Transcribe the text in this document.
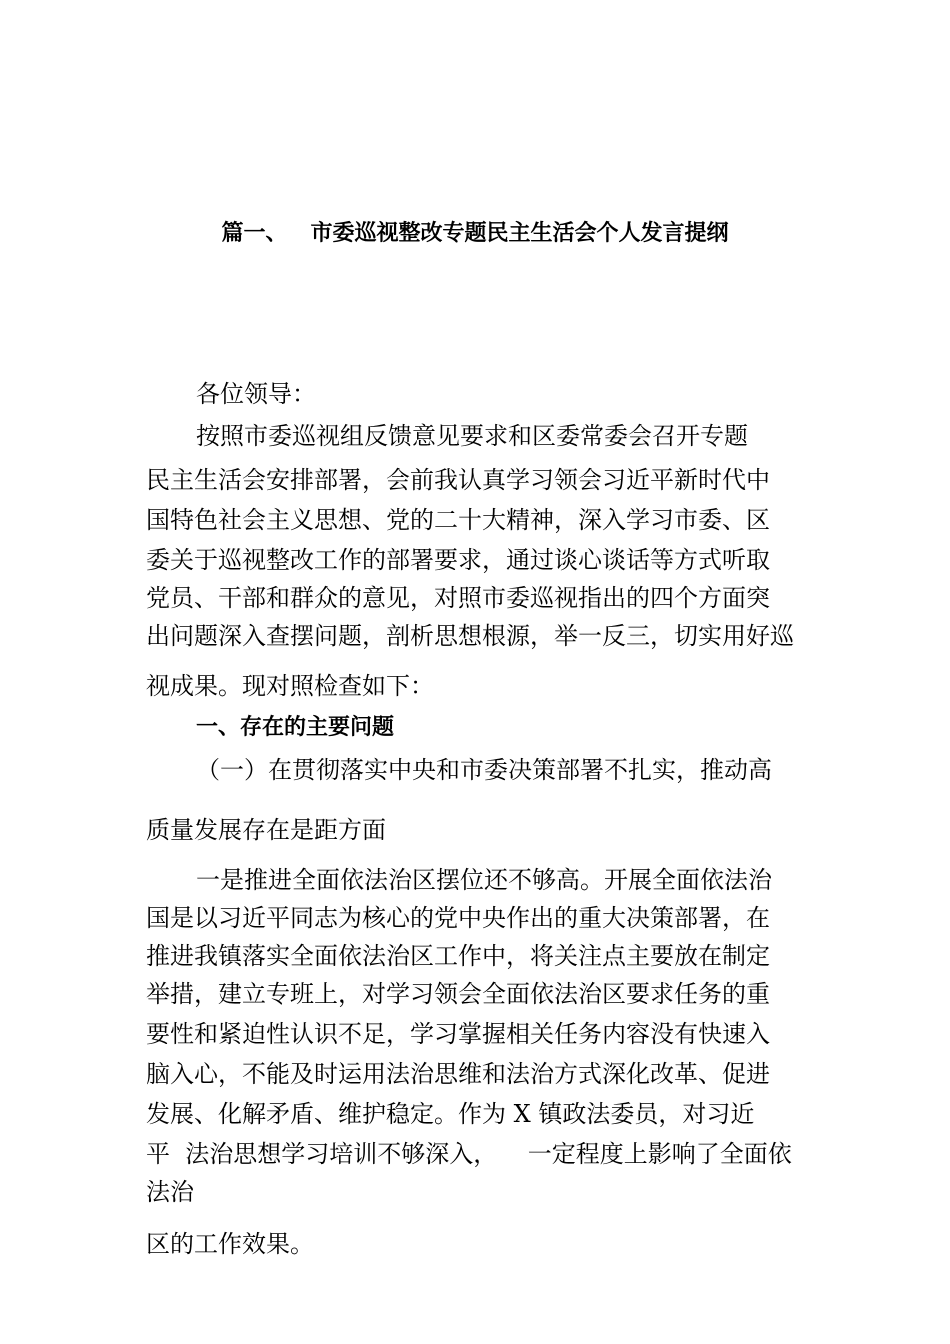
篇一、   市委巡视整改专题民主生活会个人发言提纲
各位领导：
按照市委巡视组反馈意见要求和区委常委会召开专题
民主生活会安排部署，会前我认真学习领会习近平新时代中
国特色社会主义思想、党的二十大精神，深入学习市委、区
委关于巡视整改工作的部署要求，通过谈心谈话等方式听取
党员、干部和群众的意见，对照市委巡视指出的四个方面突
出问题深入查摆问题，剖析思想根源，举一反三，切实用好巡
视成果。现对照检查如下：
一、存在的主要问题
（一）在贯彻落实中央和市委决策部署不扎实，推动高
质量发展存在是距方面
一是推进全面依法治区摆位还不够高。开展全面依法治
国是以习近平同志为核心的党中央作出的重大决策部署，在
推进我镇落实全面依法治区工作中，将关注点主要放在制定
举措，建立专班上，对学习领会全面依法治区要求任务的重
要性和紧迫性认识不足，学习掌握相关任务内容没有快速入
脑入心，不能及时运用法治思维和法治方式深化改革、促进
发展、化解矛盾、维护稳定。作为 X 镇政法委员，对习近
平  法治思想学习培训不够深入，    一定程度上影响了全面依
法治
区的工作效果。
